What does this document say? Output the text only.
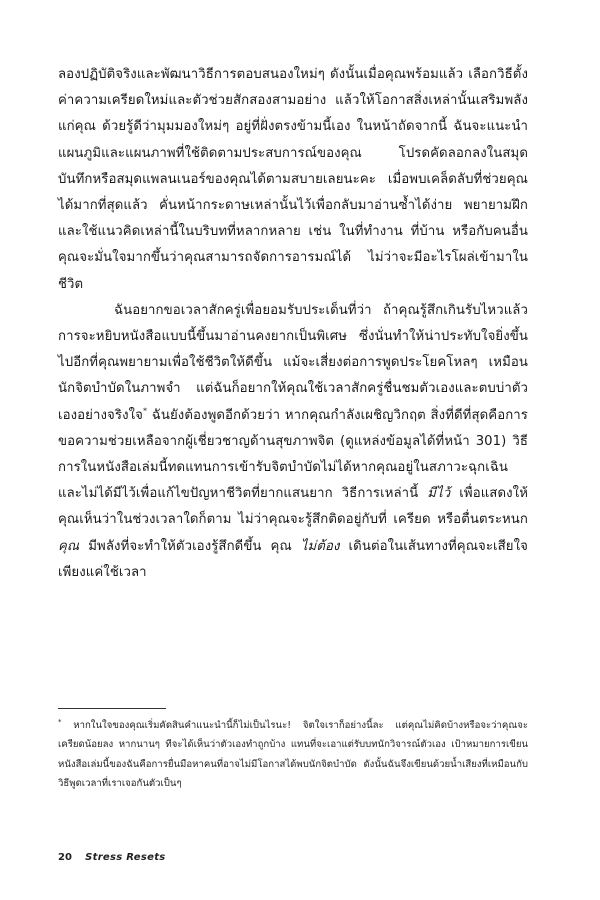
ลองปฏิบัติจริงและพัฒนาวิธีการตอบสนองใหม่ๆ ดังนั้นเมื่อคุณพร้อมแล้ว เลือกวิธีตั้งค่าความเครียดใหม่และตัวช่วยสักสองสามอย่าง แล้วให้โอกาสสิ่งเหล่านั้นเสริมพลังแก่คุณ ด้วยรู้ดีว่ามุมมองใหม่ๆ อยู่ที่ฝั่งตรงข้ามนี้เอง ในหน้าถัดจากนี้ ฉันจะแนะนำแผนภูมิและแผนภาพที่ใช้ติดตามประสบการณ์ของคุณ โปรดคัดลอกลงในสมุดบันทึกหรือสมุดแพลนเนอร์ของคุณได้ตามสบายเลยนะคะ เมื่อพบเคล็ดลับที่ช่วยคุณได้มากที่สุดแล้ว คั่นหน้ากระดาษเหล่านั้นไว้เพื่อกลับมาอ่านซ้ำได้ง่าย พยายามฝึกและใช้แนวคิดเหล่านี้ในบริบทที่หลากหลาย เช่น ในที่ทำงาน ที่บ้าน หรือกับคนอื่น คุณจะมั่นใจมากขึ้นว่าคุณสามารถจัดการอารมณ์ได้ ไม่ว่าจะมีอะไรโผล่เข้ามาในชีวิต

ฉันอยากขอเวลาสักครู่เพื่อยอมรับประเด็นที่ว่า ถ้าคุณรู้สึกเกินรับไหวแล้ว การจะหยิบหนังสือแบบนี้ขึ้นมาอ่านคงยากเป็นพิเศษ ซึ่งนั่นทำให้น่าประทับใจยิ่งขึ้นไปอีกที่คุณพยายามเพื่อใช้ชีวิตให้ดีขึ้น แม้จะเสี่ยงต่อการพูดประโยคโหลๆ เหมือนนักจิตบำบัดในภาพจำ แต่ฉันก็อยากให้คุณใช้เวลาสักครู่ชื่นชมตัวเองและตบบ่าตัวเองอย่างจริงใจ* ฉันยังต้องพูดอีกด้วยว่า หากคุณกำลังเผชิญวิกฤต สิ่งที่ดีที่สุดคือการขอความช่วยเหลือจากผู้เชี่ยวชาญด้านสุขภาพจิต (ดูแหล่งข้อมูลได้ที่หน้า 301) วิธีการในหนังสือเล่มนี้ทดแทนการเข้ารับจิตบำบัดไม่ได้หากคุณอยู่ในสภาวะฉุกเฉิน และไม่ได้มีไว้เพื่อแก้ไขปัญหาชีวิตที่ยากแสนยาก วิธีการเหล่านี้ มีไว้ เพื่อแสดงให้คุณเห็นว่าในช่วงเวลาใดก็ตาม ไม่ว่าคุณจะรู้สึกติดอยู่กับที่ เครียด หรือตื่นตระหนก คุณ มีพลังที่จะทำให้ตัวเองรู้สึกดีขึ้น คุณ ไม่ต้อง เดินต่อในเส้นทางที่คุณจะเสียใจ เพียงแค่ใช้เวลา

* หากในใจของคุณเริ่มคัดสินคำแนะนำนี้ก็ไม่เป็นไรนะ! จิตใจเราก็อย่างนี้ละ แต่คุณไม่คิดบ้างหรือจะว่าคุณจะเครียดน้อยลง หากนานๆ ทีจะได้เห็นว่าตัวเองทำถูกบ้าง แทนที่จะเอาแต่รับบทนักวิจารณ์ตัวเอง เป้าหมายการเขียนหนังสือเล่มนี้ของฉันคือการยื่นมือหาคนที่อาจไม่มีโอกาสได้พบนักจิตบำบัด ดังนั้นฉันจึงเขียนด้วยน้ำเสียงที่เหมือนกับวิธีพูดเวลาที่เราเจอกันตัวเป็นๆ
20 Stress Resets
